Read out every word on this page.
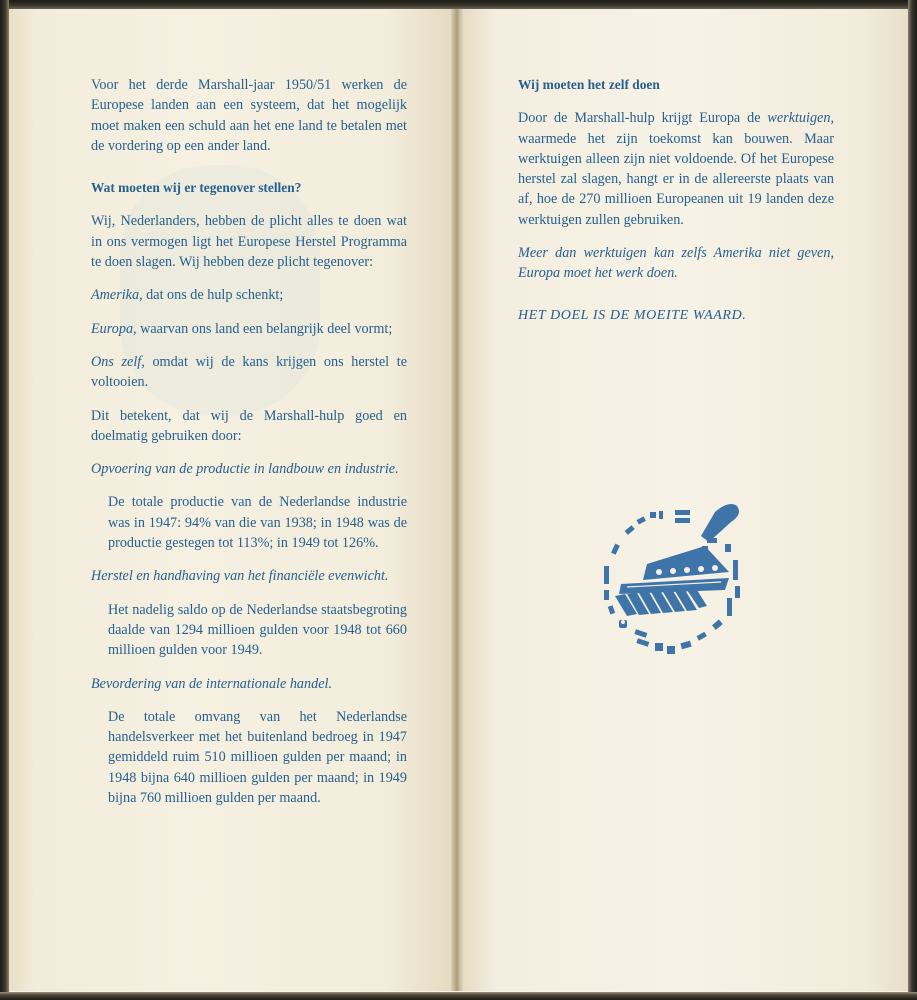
Voor het derde Marshall-jaar 1950/51 werken de Europese landen aan een systeem, dat het mogelijk moet maken een schuld aan het ene land te betalen met de vordering op een ander land.

Wat moeten wij er tegenover stellen?

Wij, Nederlanders, hebben de plicht alles te doen wat in ons vermogen ligt het Europese Herstel Programma te doen slagen. Wij hebben deze plicht tegenover:

Amerika, dat ons de hulp schenkt;

Europa, waarvan ons land een belangrijk deel vormt;

Ons zelf, omdat wij de kans krijgen ons herstel te voltooien.

Dit betekent, dat wij de Marshall-hulp goed en doelmatig gebruiken door:

Opvoering van de productie in landbouw en industrie.

De totale productie van de Nederlandse industrie was in 1947: 94% van die van 1938; in 1948 was de productie gestegen tot 113%; in 1949 tot 126%.

Herstel en handhaving van het financiële evenwicht.

Het nadelig saldo op de Nederlandse staatsbegroting daalde van 1294 millioen gulden voor 1948 tot 660 millioen gulden voor 1949.

Bevordering van de internationale handel.

De totale omvang van het Nederlandse handelsverkeer met het buitenland bedroeg in 1947 gemiddeld ruim 510 millioen gulden per maand; in 1948 bijna 640 millioen gulden per maand; in 1949 bijna 760 millioen gulden per maand.

Wij moeten het zelf doen

Door de Marshall-hulp krijgt Europa de werktuigen, waarmede het zijn toekomst kan bouwen. Maar werktuigen alleen zijn niet voldoende. Of het Europese herstel zal slagen, hangt er in de allereerste plaats van af, hoe de 270 millioen Europeanen uit 19 landen deze werktuigen zullen gebruiken.

Meer dan werktuigen kan zelfs Amerika niet geven, Europa moet het werk doen.

HET DOEL IS DE MOEITE WAARD.
